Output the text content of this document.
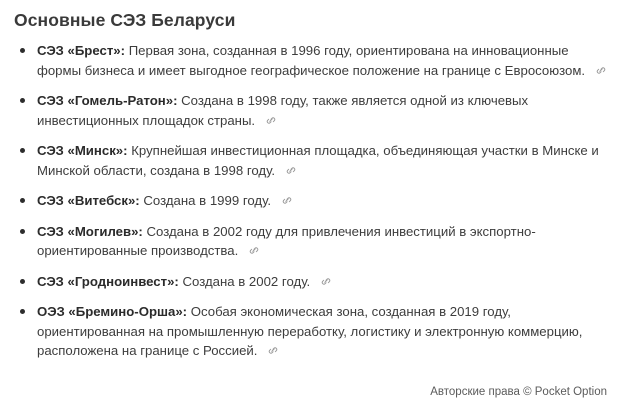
Основные СЭЗ Беларуси
СЭЗ «Брест»: Первая зона, созданная в 1996 году, ориентирована на инновационные формы бизнеса и имеет выгодное географическое положение на границе с Евросоюзом.
СЭЗ «Гомель-Ратон»: Создана в 1998 году, также является одной из ключевых инвестиционных площадок страны.
СЭЗ «Минск»: Крупнейшая инвестиционная площадка, объединяющая участки в Минске и Минской области, создана в 1998 году.
СЭЗ «Витебск»: Создана в 1999 году.
СЭЗ «Могилев»: Создана в 2002 году для привлечения инвестиций в экспортно-ориентированные производства.
СЭЗ «Гродноинвест»: Создана в 2002 году.
ОЭЗ «Бремино-Орша»: Особая экономическая зона, созданная в 2019 году, ориентированная на промышленную переработку, логистику и электронную коммерцию, расположена на границе с Россией.
Авторские права © Pocket Option
